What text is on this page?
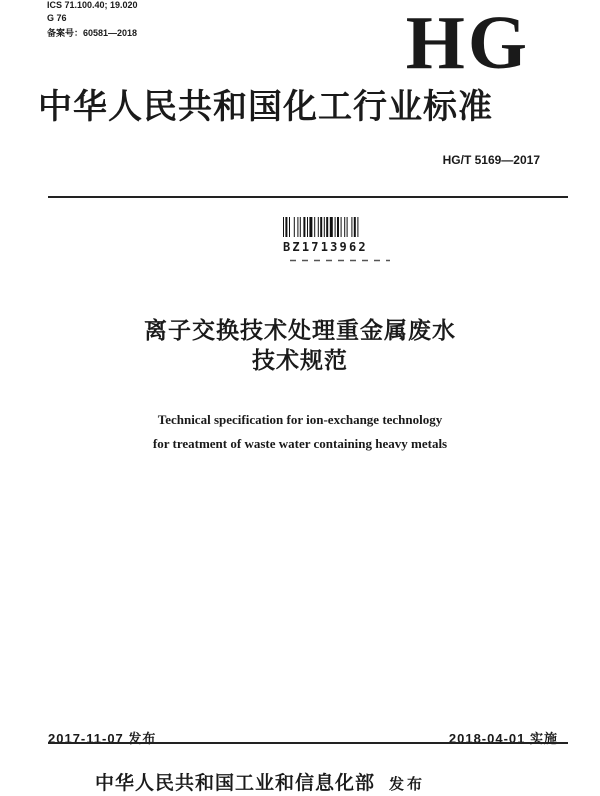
ICS 71.100.40; 19.020
G 76
备案号：60581—2018	HG
中华人民共和国化工行业标准
HG/T 5169—2017
BZ1713962
离子交换技术处理重金属废水
技术规范
Technical specification for ion-exchange technology
for treatment of waste water containing heavy metals
2017-11-07 发布	2018-04-01 实施
中华人民共和国工业和信息化部 发布
